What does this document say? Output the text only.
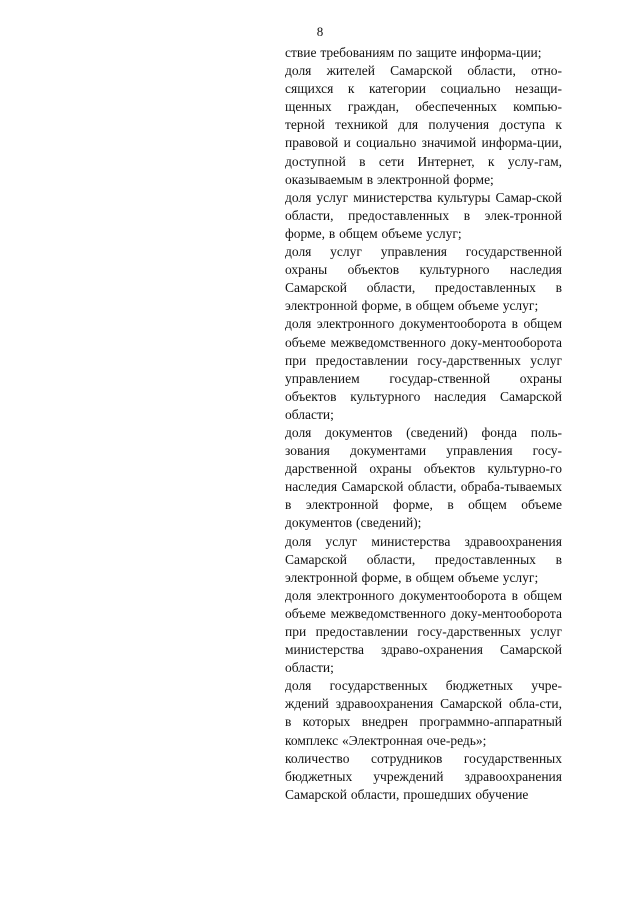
8

ствие требованиям по защите информа-ции;

доля жителей Самарской области, отно-сящихся к категории социально незащи-щенных граждан, обеспеченных компью-терной техникой для получения доступа к правовой и социально значимой информа-ции, доступной в сети Интернет, к услу-гам, оказываемым в электронной форме;

доля услуг министерства культуры Самар-ской области, предоставленных в элек-тронной форме, в общем объеме услуг;

доля услуг управления государственной охраны объектов культурного наследия Самарской области, предоставленных в электронной форме, в общем объеме услуг;

доля электронного документооборота в общем объеме межведомственного доку-ментооборота при предоставлении госу-дарственных услуг управлением государ-ственной охраны объектов культурного наследия Самарской области;

доля документов (сведений) фонда поль-зования документами управления госу-дарственной охраны объектов культурно-го наследия Самарской области, обраба-тываемых в электронной форме, в общем объеме документов (сведений);

доля услуг министерства здравоохранения Самарской области, предоставленных в электронной форме, в общем объеме услуг;

доля электронного документооборота в общем объеме межведомственного доку-ментооборота при предоставлении госу-дарственных услуг министерства здраво-охранения Самарской области;

доля государственных бюджетных учре-ждений здравоохранения Самарской обла-сти, в которых внедрен программно-аппаратный комплекс «Электронная оче-редь»;

количество сотрудников государственных бюджетных учреждений здравоохранения Самарской области, прошедших обучение
